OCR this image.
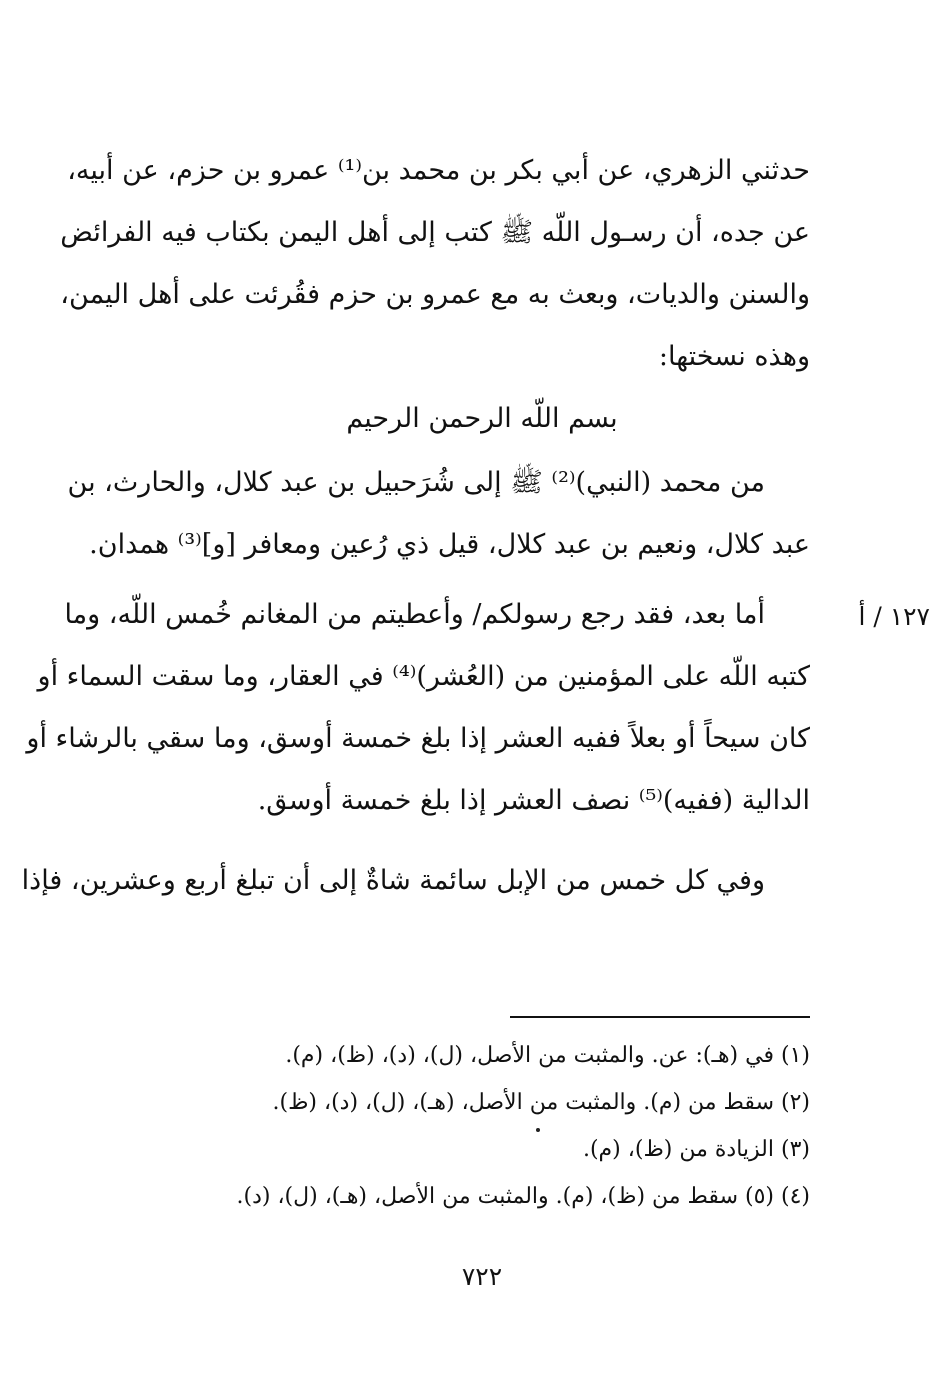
حدثني الزهري، عن أبي بكر بن محمد بن⁽¹⁾ عمرو بن حزم، عن أبيه،
عن جده، أن رسـول اللّه ﷺ كتب إلى أهل اليمن بكتاب فيه الفرائض
والسنن والديات، وبعث به مع عمرو بن حزم فقُرئت على أهل اليمن،
وهذه نسختها:
بسم اللّه الرحمن الرحيم
من محمد (النبي)⁽²⁾ ﷺ إلى شُرَحبيل بن عبد كلال، والحارث، بن
عبد كلال، ونعيم بن عبد كلال، قيل ذي رُعين ومعافر [و]⁽³⁾ همدان.
١٢٧ / أ
أما بعد، فقد رجع رسولكم/ وأعطيتم من المغانم خُمس اللّه، وما
كتبه اللّه على المؤمنين من (العُشر)⁽⁴⁾ في العقار، وما سقت السماء أو
كان سيحاً أو بعلاً ففيه العشر إذا بلغ خمسة أوسق، وما سقي بالرشاء أو
الدالية (ففيه)⁽⁵⁾ نصف العشر إذا بلغ خمسة أوسق.
وفي كل خمس من الإبل سائمة شاةٌ إلى أن تبلغ أربع وعشرين، فإذا
(١) في (هـ): عن. والمثبت من الأصل، (ل)، (د)، (ظ)، (م).
(٢) سقط من (م). والمثبت من الأصل، (هـ)، (ل)، (د)، (ظ).
(٣) الزيادة من (ظ)، (م).
(٤) (٥) سقط من (ظ)، (م). والمثبت من الأصل، (هـ)، (ل)، (د).
٧٢٢
